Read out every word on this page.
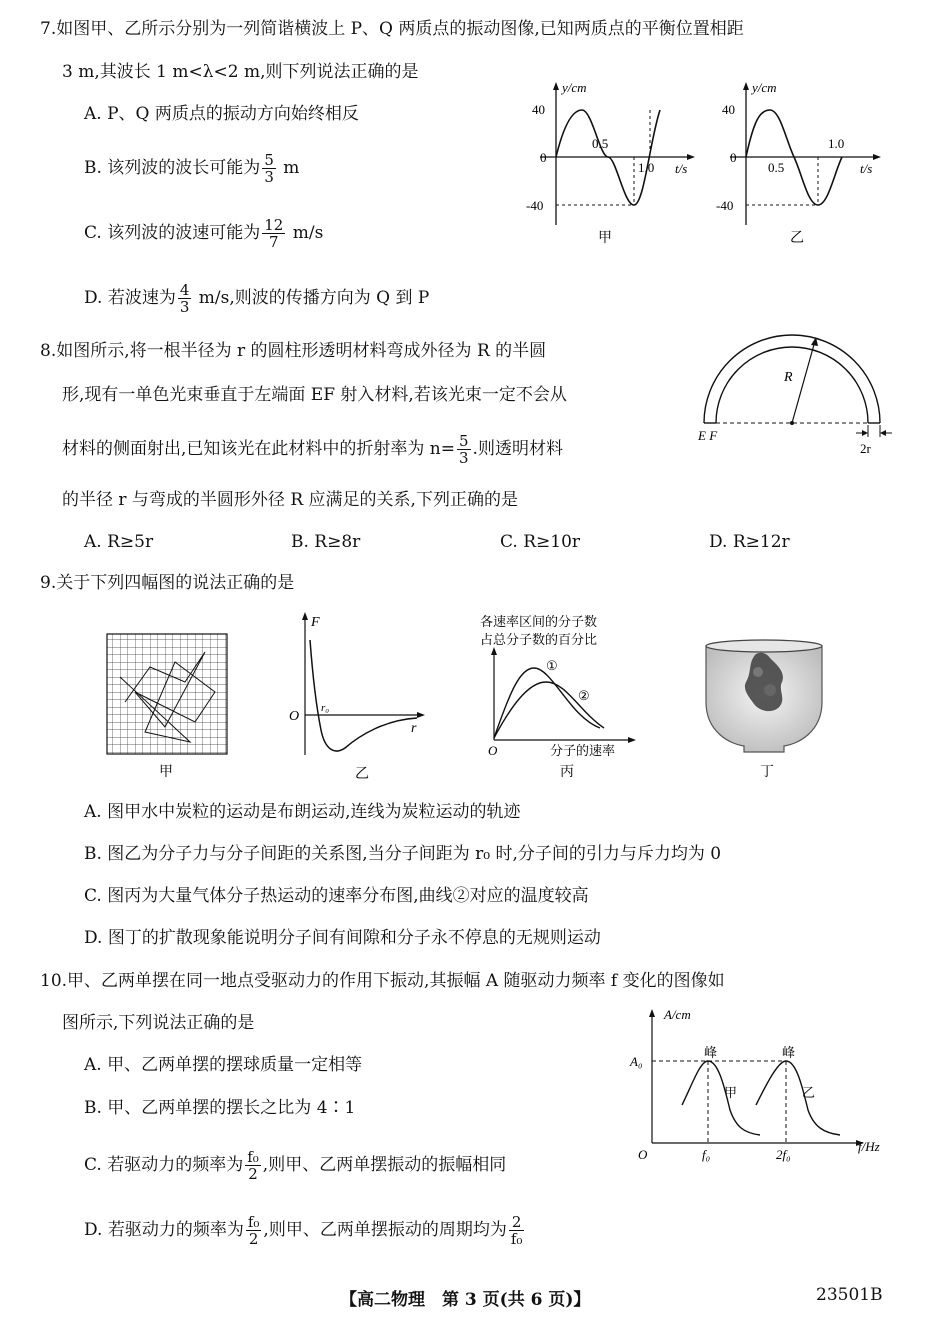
7.如图甲、乙所示分别为一列简谐横波上 P、Q 两质点的振动图像,已知两质点的平衡位置相距
3 m,其波长 1 m<λ<2 m,则下列说法正确的是
A. P、Q 两质点的振动方向始终相反
B. 该列波的波长可能为 $\frac{5}{3}$ m
C. 该列波的波速可能为 $\frac{12}{7} m/s$
D. 若波速为 $\frac{4}{3} m/s$,则波的传播方向为 Q 到 P
y/cm
40
0
-40
0.5
1.0 t/s
甲
y/cm
40
0
-40
0.5
1.0
t/s
乙
8.如图所示,将一根半径为 r 的圆柱形透明材料弯成外径为 R 的半圆
形,现有一单色光束垂直于左端面 EF 射入材料,若该光束一定不会从
材料的侧面射出,已知该光在此材料中的折射率为 $n= \frac{5}{3}$ .则透明材料
的半径 r 与弯成的半圆形外径 R 应满足的关系,下列正确的是
A. R≥5r	B. R≥8r	C. R≥10r	D. R≥12r
R
E F
2r
9.关于下列四幅图的说法正确的是
甲
F
O
r₀
r
乙
各速率区间的分子数
占总分子数的百分比
①
②
O	分子的速率
丙	丁
A. 图甲水中炭粒的运动是布朗运动,连线为炭粒运动的轨迹
B. 图乙为分子力与分子间距的关系图,当分子间距为 r₀ 时,分子间的引力与斥力均为 0
C. 图丙为大量气体分子热运动的速率分布图,曲线②对应的温度较高
D. 图丁的扩散现象能说明分子间有间隙和分子永不停息的无规则运动
10.甲、乙两单摆在同一地点受驱动力的作用下振动,其振幅 A 随驱动力频率 f 变化的图像如
图所示,下列说法正确的是
A. 甲、乙两单摆的摆球质量一定相等
B. 甲、乙两单摆的摆长之比为 4∶1
C. 若驱动力的频率为 $\frac{\text{f₀}}{2}$ ,则甲、乙两单摆振动的振幅相同
D. 若驱动力的频率为 $\frac{\text{f₀}}{2}$ ,则甲、乙两单摆振动的周期均为 $\frac{2}{\text{f₀}}$
A/cm
A₀
峰	峰
甲	乙
O	f₀	2f₀
f/Hz
【高二物理　第 3 页(共 6 页)】	23501B
